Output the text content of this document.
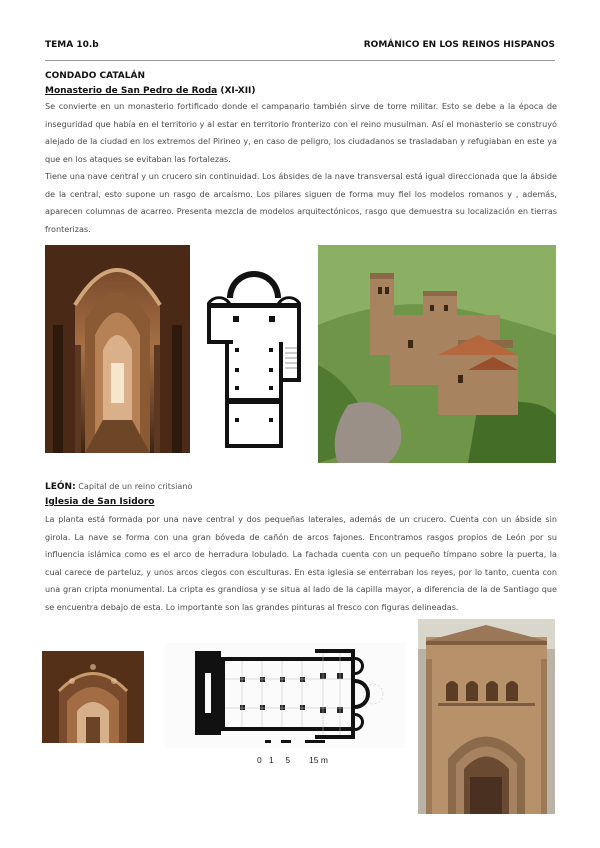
TEMA 10.b	ROMÁNICO EN LOS REINOS HISPANOS
CONDADO CATALÁN
Monasterio de San Pedro de Roda (XI-XII)
Se convierte en un monasterio fortificado donde el campanario también sirve de torre militar. Esto se debe a la época de inseguridad que había en el territorio y al estar en territorio fronterizo con el reino musulman. Así el monasterio se construyó alejado de la ciudad en los extremos del Pirineo y, en caso de peligro, los ciudadanos se trasladaban y refugiaban en este ya que en los ataques se evitaban las fortalezas.
Tiene una nave central y un crucero sin continuidad. Los ábsides de la nave transversal está igual direccionada que la ábside de la central, esto supone un rasgo de arcaísmo. Los pilares siguen de forma muy fiel los modelos romanos y , además, aparecen columnas de acarreo. Presenta mezcla de modelos arquitectónicos, rasgo que demuestra su localización en tierras fronterizas.
LEÓN: Capital de un reino critsiano
Iglesia de San Isidoro
La planta está formada por una nave central y dos pequeñas laterales, además de un crucero. Cuenta con un ábside sin girola. La nave se forma con una gran bóveda de cañón de arcos fajones. Encontramos rasgos propios de León por su influencia islámica como es el arco de herradura lobulado. La fachada cuenta con un pequeño tímpano sobre la puerta, la cual carece de parteluz, y unos arcos ciegos con esculturas. En esta iglesia se enterraban los reyes, por lo tanto, cuenta con una gran cripta monumental. La cripta es grandiosa y se situa al lado de la capilla mayor, a diferencia de la de Santiago que se encuentra debajo de esta. Lo importante son las grandes pinturas al fresco con figuras delineadas.
0 1 5 15 m
